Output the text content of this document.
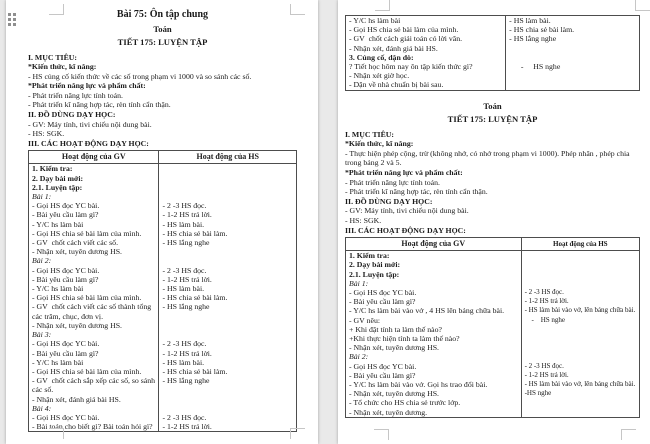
Bài 75: Ôn tập chung
Toán
TIẾT 175: LUYỆN TẬP
I. MỤC TIÊU:
*Kiến thức, kĩ năng:
- HS củng cố kiến thức về các số trong phạm vi 1000 và so sánh các số.
*Phát triển năng lực và phẩm chất:
- Phát triển năng lực tính toán.
- Phát triển kĩ năng hợp tác, rèn tính cẩn thận.
II. ĐỒ DÙNG DẠY HỌC:
- GV: Máy tính, tivi chiếu nội dung bài.
- HS: SGK.
III. CÁC HOẠT ĐỘNG DẠY HỌC:
Hoạt động của GV	Hoạt động của HS
1. Kiểm tra:	
2. Dạy bài mới:	
2.1. Luyện tập:	
Bài 1:	
- Gọi HS đọc YC bài.	- 2 -3 HS đọc.
- Bài yêu cầu làm gì?	- 1-2 HS trả lời.
- Y/C hs làm bài	- HS làm bài.
- Gọi HS chia sẻ bài làm của mình.	- HS chia sẻ bài làm.
- GV  chốt cách viết các số.	- HS lắng nghe
- Nhận xét, tuyên dương HS.	
Bài 2:	
- Gọi HS đọc YC bài.	- 2 -3 HS đọc.
- Bài yêu cầu làm gì?	- 1-2 HS trả lời.
- Y/C hs làm bài	- HS làm bài.
- Gọi HS chia sẻ bài làm của mình.	- HS chia sẻ bài làm.
- GV  chốt cách viết các số thành tổng các trăm, chục, đơn vị.	- HS lắng nghe
- Nhận xét, tuyên dương HS.	
Bài 3:	
- Gọi HS đọc YC bài.	- 2 -3 HS đọc.
- Bài yêu cầu làm gì?	- 1-2 HS trả lời.
- Y/C hs làm bài	- HS làm bài.
- Gọi HS chia sẻ bài làm của mình.	- HS chia sẻ bài làm.
- GV  chốt cách sắp xếp các số, so sánh các số.	- HS lắng nghe
- Nhận xét, đánh giá bài HS.	
Bài 4:	
- Gọi HS đọc YC bài.	- 2 -3 HS đọc.
- Bài toán cho biết gì? Bài toán hỏi gì?	- 1-2 HS trả lời.
- Y/C hs làm bài	- HS làm bài.
- Gọi HS chia sẻ bài làm của mình.	- HS chia sẻ bài làm.
- GV  chốt cách giải toán có lời văn.	- HS lắng nghe
- Nhận xét, đánh giá bài HS.	
3. Củng cố, dặn dò:	
? Tiết học hôm nay ôn tập kiến thức gì?	-     HS nghe
- Nhận xét giờ học.	
- Dặn về nhà chuẩn bị bài sau.	
Toán
TIẾT 175: LUYỆN TẬP
I. MỤC TIÊU:
*Kiến thức, kĩ năng:
- Thực hiện phép cộng, trừ (không nhớ, có nhớ trong phạm vi 1000). Phép nhân , phép chia trong bảng 2 và 5.
*Phát triển năng lực và phẩm chất:
- Phát triển năng lực tính toán.
- Phát triển kĩ năng hợp tác, rèn tính cẩn thận.
II. ĐỒ DÙNG DẠY HỌC:
- GV: Máy tính, tivi chiếu nội dung bài.
- HS: SGK.
III. CÁC HOẠT ĐỘNG DẠY HỌC:
Hoạt động của GV	Hoạt động của HS
1. Kiểm tra:	
2. Dạy bài mới:	
2.1. Luyện tập:	
Bài 1:	
- Gọi HS đọc YC bài.	- 2 -3 HS đọc.
- Bài yêu cầu làm gì?	- 1-2 HS trả lời.
- Y/C hs làm bài vào vở , 4 HS lên bảng chữa bài.	- HS làm bài vào vở, lên bảng chữa bài.
- GV nêu:	-    HS nghe
+ Khi đặt tính ta làm thế nào?	
+Khi thực hiện tính ta làm thế nào?	
- Nhận xét, tuyên dương HS.	
Bài 2:	
- Gọi HS đọc YC bài.	- 2 -3 HS đọc.
- Bài yêu cầu làm gì?	- 1-2 HS trả lời.
- Y/C hs làm bài vào vở. Gọi hs trao đổi bài.	- HS làm bài vào vở, lên bảng chữa bài.
- Nhận xét, tuyên dương HS.	-HS nghe
- Tổ chức cho HS chia sẻ trước lớp.	
- Nhận xét, tuyên dương.	
